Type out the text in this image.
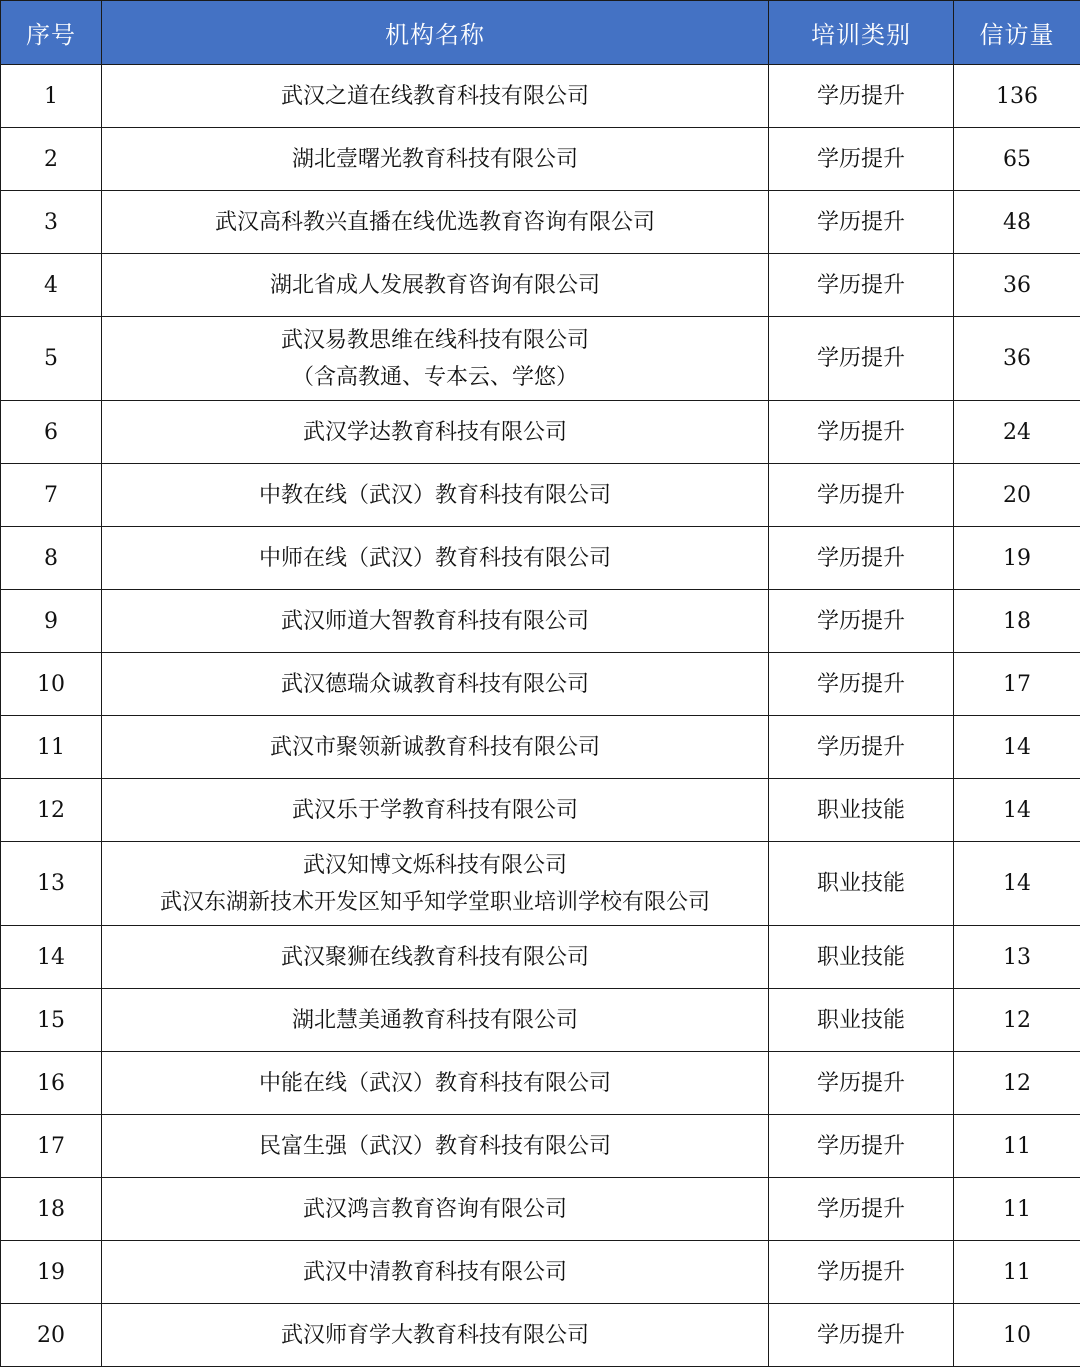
序号	机构名称	培训类别	信访量
1	武汉之道在线教育科技有限公司	学历提升	136
2	湖北壹曙光教育科技有限公司	学历提升	65
3	武汉高科教兴直播在线优选教育咨询有限公司	学历提升	48
4	湖北省成人发展教育咨询有限公司	学历提升	36
5	武汉易教思维在线科技有限公司
（含高教通、专本云、学悠）	学历提升	36
6	武汉学达教育科技有限公司	学历提升	24
7	中教在线（武汉）教育科技有限公司	学历提升	20
8	中师在线（武汉）教育科技有限公司	学历提升	19
9	武汉师道大智教育科技有限公司	学历提升	18
10	武汉德瑞众诚教育科技有限公司	学历提升	17
11	武汉市聚领新诚教育科技有限公司	学历提升	14
12	武汉乐于学教育科技有限公司	职业技能	14
13	武汉知博文烁科技有限公司
武汉东湖新技术开发区知乎知学堂职业培训学校有限公司	职业技能	14
14	武汉聚狮在线教育科技有限公司	职业技能	13
15	湖北慧美通教育科技有限公司	职业技能	12
16	中能在线（武汉）教育科技有限公司	学历提升	12
17	民富生强（武汉）教育科技有限公司	学历提升	11
18	武汉鸿言教育咨询有限公司	学历提升	11
19	武汉中清教育科技有限公司	学历提升	11
20	武汉师育学大教育科技有限公司	学历提升	10
